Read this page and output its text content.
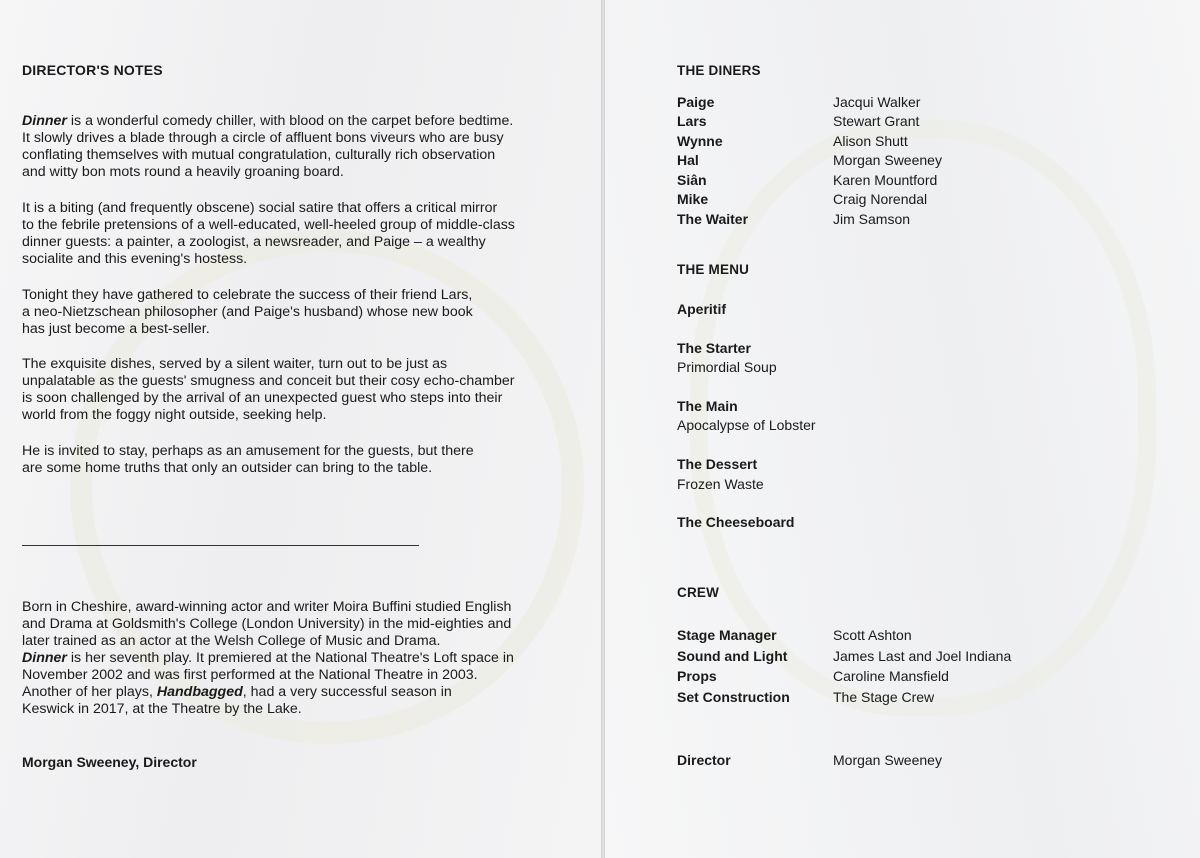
DIRECTOR'S NOTES

Dinner is a wonderful comedy chiller, with blood on the carpet before bedtime.
It slowly drives a blade through a circle of affluent bons viveurs who are busy
conflating themselves with mutual congratulation, culturally rich observation
and witty bon mots round a heavily groaning board.

It is a biting (and frequently obscene) social satire that offers a critical mirror
to the febrile pretensions of a well-educated, well-heeled group of middle-class
dinner guests: a painter, a zoologist, a newsreader, and Paige – a wealthy
socialite and this evening's hostess.

Tonight they have gathered to celebrate the success of their friend Lars,
a neo-Nietzschean philosopher (and Paige's husband) whose new book
has just become a best-seller.

The exquisite dishes, served by a silent waiter, turn out to be just as
unpalatable as the guests' smugness and conceit but their cosy echo-chamber
is soon challenged by the arrival of an unexpected guest who steps into their
world from the foggy night outside, seeking help.

He is invited to stay, perhaps as an amusement for the guests, but there
are some home truths that only an outsider can bring to the table.

Born in Cheshire, award-winning actor and writer Moira Buffini studied English
and Drama at Goldsmith's College (London University) in the mid-eighties and
later trained as an actor at the Welsh College of Music and Drama.
Dinner is her seventh play. It premiered at the National Theatre's Loft space in
November 2002 and was first performed at the National Theatre in 2003.
Another of her plays, Handbagged, had a very successful season in
Keswick in 2017, at the Theatre by the Lake.

Morgan Sweeney, Director
THE DINERS
Paige	Jacqui Walker
Lars	Stewart Grant
Wynne	Alison Shutt
Hal	Morgan Sweeney
Siân	Karen Mountford
Mike	Craig Norendal
The Waiter	Jim Samson
THE MENU
Aperitif
The Starter
Primordial Soup
The Main
Apocalypse of Lobster
The Dessert
Frozen Waste
The Cheeseboard
CREW
Stage Manager	Scott Ashton
Sound and Light	James Last and Joel Indiana
Props	Caroline Mansfield
Set Construction	The Stage Crew
Director	Morgan Sweeney
